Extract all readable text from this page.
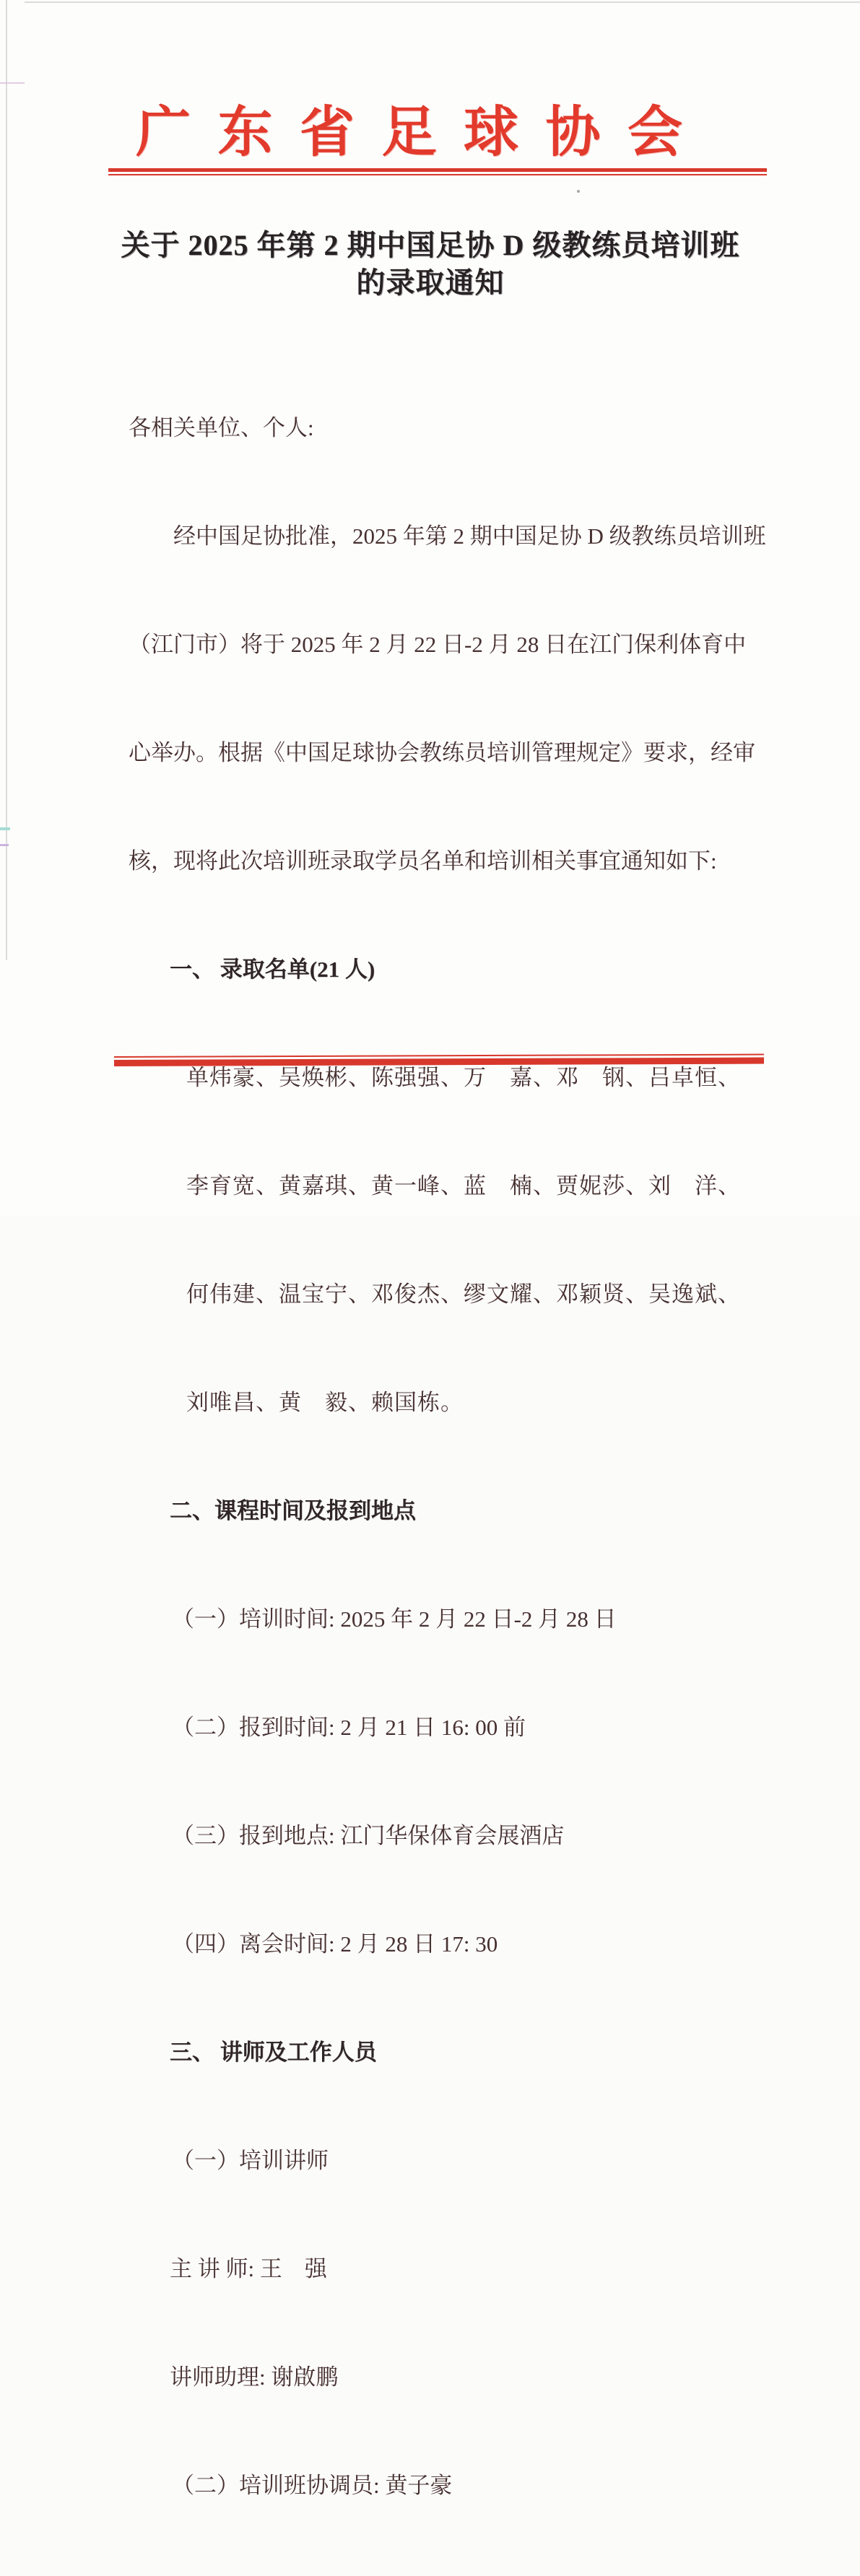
广 东 省 足 球 协 会
关于 2025 年第 2 期中国足协 D 级教练员培训班
的录取通知

各相关单位、个人:

经中国足协批准，2025 年第 2 期中国足协 D 级教练员培训班

（江门市）将于 2025 年 2 月 22 日-2 月 28 日在江门保利体育中

心举办。根据《中国足球协会教练员培训管理规定》要求，经审

核，现将此次培训班录取学员名单和培训相关事宜通知如下:

一、 录取名单(21 人)

单炜豪、吴焕彬、陈强强、万　嘉、邓　钢、吕卓恒、

李育宽、黄嘉琪、黄一峰、蓝　楠、贾妮莎、刘　洋、

何伟建、温宝宁、邓俊杰、缪文耀、邓颖贤、吴逸斌、

刘唯昌、黄　毅、赖国栋。

二、课程时间及报到地点

（一）培训时间: 2025 年 2 月 22 日-2 月 28 日

（二）报到时间: 2 月 21 日 16: 00 前

（三）报到地点: 江门华保体育会展酒店

（四）离会时间: 2 月 28 日 17: 30

三、 讲师及工作人员

（一）培训讲师

主 讲 师: 王　强

讲师助理: 谢啟鹏

（二）培训班协调员: 黄子豪
